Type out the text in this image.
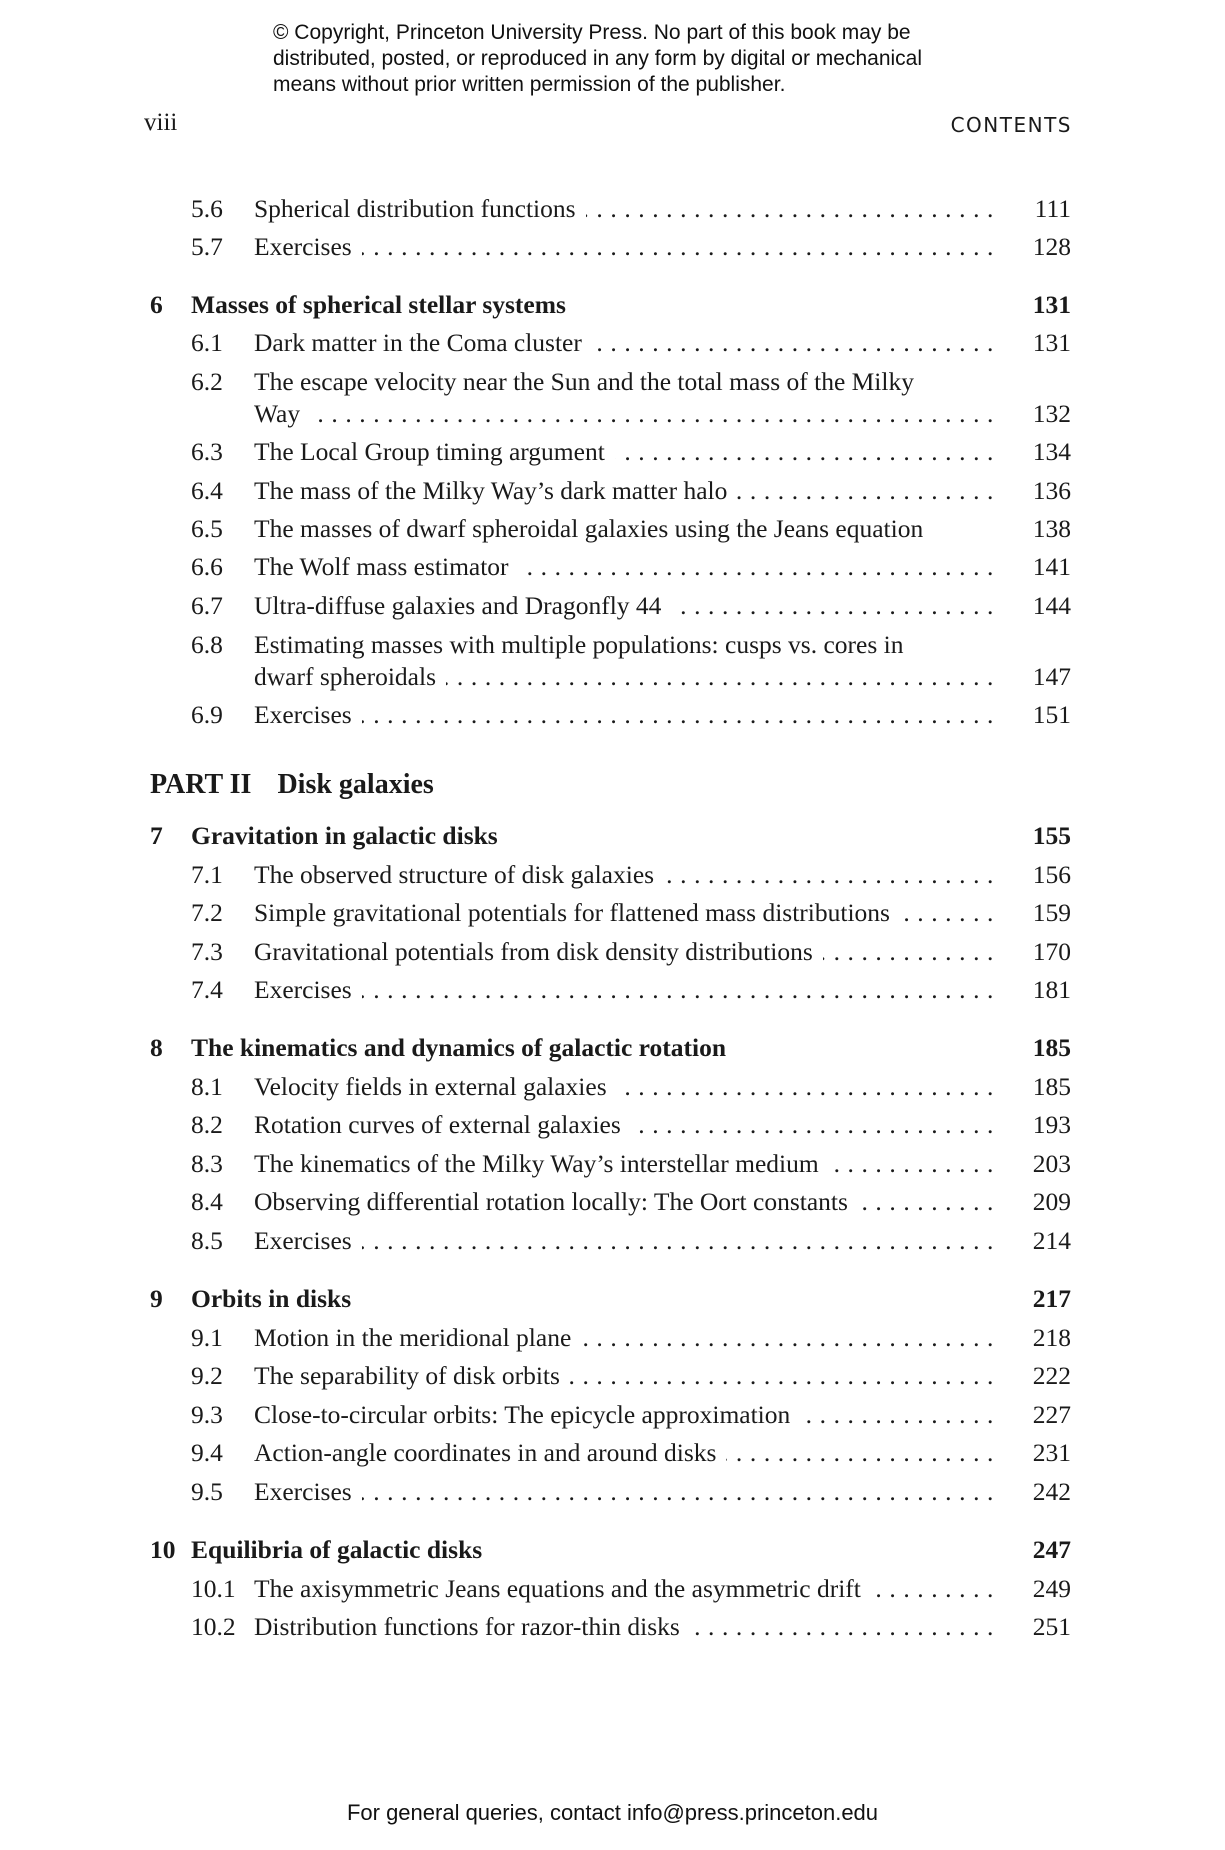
© Copyright, Princeton University Press. No part of this book may be
distributed, posted, or reproduced in any form by digital or mechanical
means without prior written permission of the publisher.
viii	CONTENTS
5.6 Spherical distribution functions . .	111
5.7 Exercises . .	128
6 Masses of spherical stellar systems	131
6.1 Dark matter in the Coma cluster . .	131
6.2 The escape velocity near the Sun and the total mass of the Milky
Way . .	132
6.3 The Local Group timing argument . .	134
6.4 The mass of the Milky Way’s dark matter halo . .	136
6.5 The masses of dwarf spheroidal galaxies using the Jeans equation	138
6.6 The Wolf mass estimator . .	141
6.7 Ultra-diffuse galaxies and Dragonfly 44 . .	144
6.8 Estimating masses with multiple populations: cusps vs. cores in
dwarf spheroidals . .	147
6.9 Exercises . .	151
PART II Disk galaxies
7 Gravitation in galactic disks	155
7.1 The observed structure of disk galaxies . .	156
7.2 Simple gravitational potentials for flattened mass distributions . .	159
7.3 Gravitational potentials from disk density distributions . .	170
7.4 Exercises . .	181
8 The kinematics and dynamics of galactic rotation	185
8.1 Velocity fields in external galaxies . .	185
8.2 Rotation curves of external galaxies . .	193
8.3 The kinematics of the Milky Way’s interstellar medium . .	203
8.4 Observing differential rotation locally: The Oort constants . .	209
8.5 Exercises . .	214
9 Orbits in disks	217
9.1 Motion in the meridional plane . .	218
9.2 The separability of disk orbits . .	222
9.3 Close-to-circular orbits: The epicycle approximation . .	227
9.4 Action-angle coordinates in and around disks . .	231
9.5 Exercises . .	242
10 Equilibria of galactic disks	247
10.1 The axisymmetric Jeans equations and the asymmetric drift . .	249
10.2 Distribution functions for razor-thin disks . .	251
For general queries, contact info@press.princeton.edu
